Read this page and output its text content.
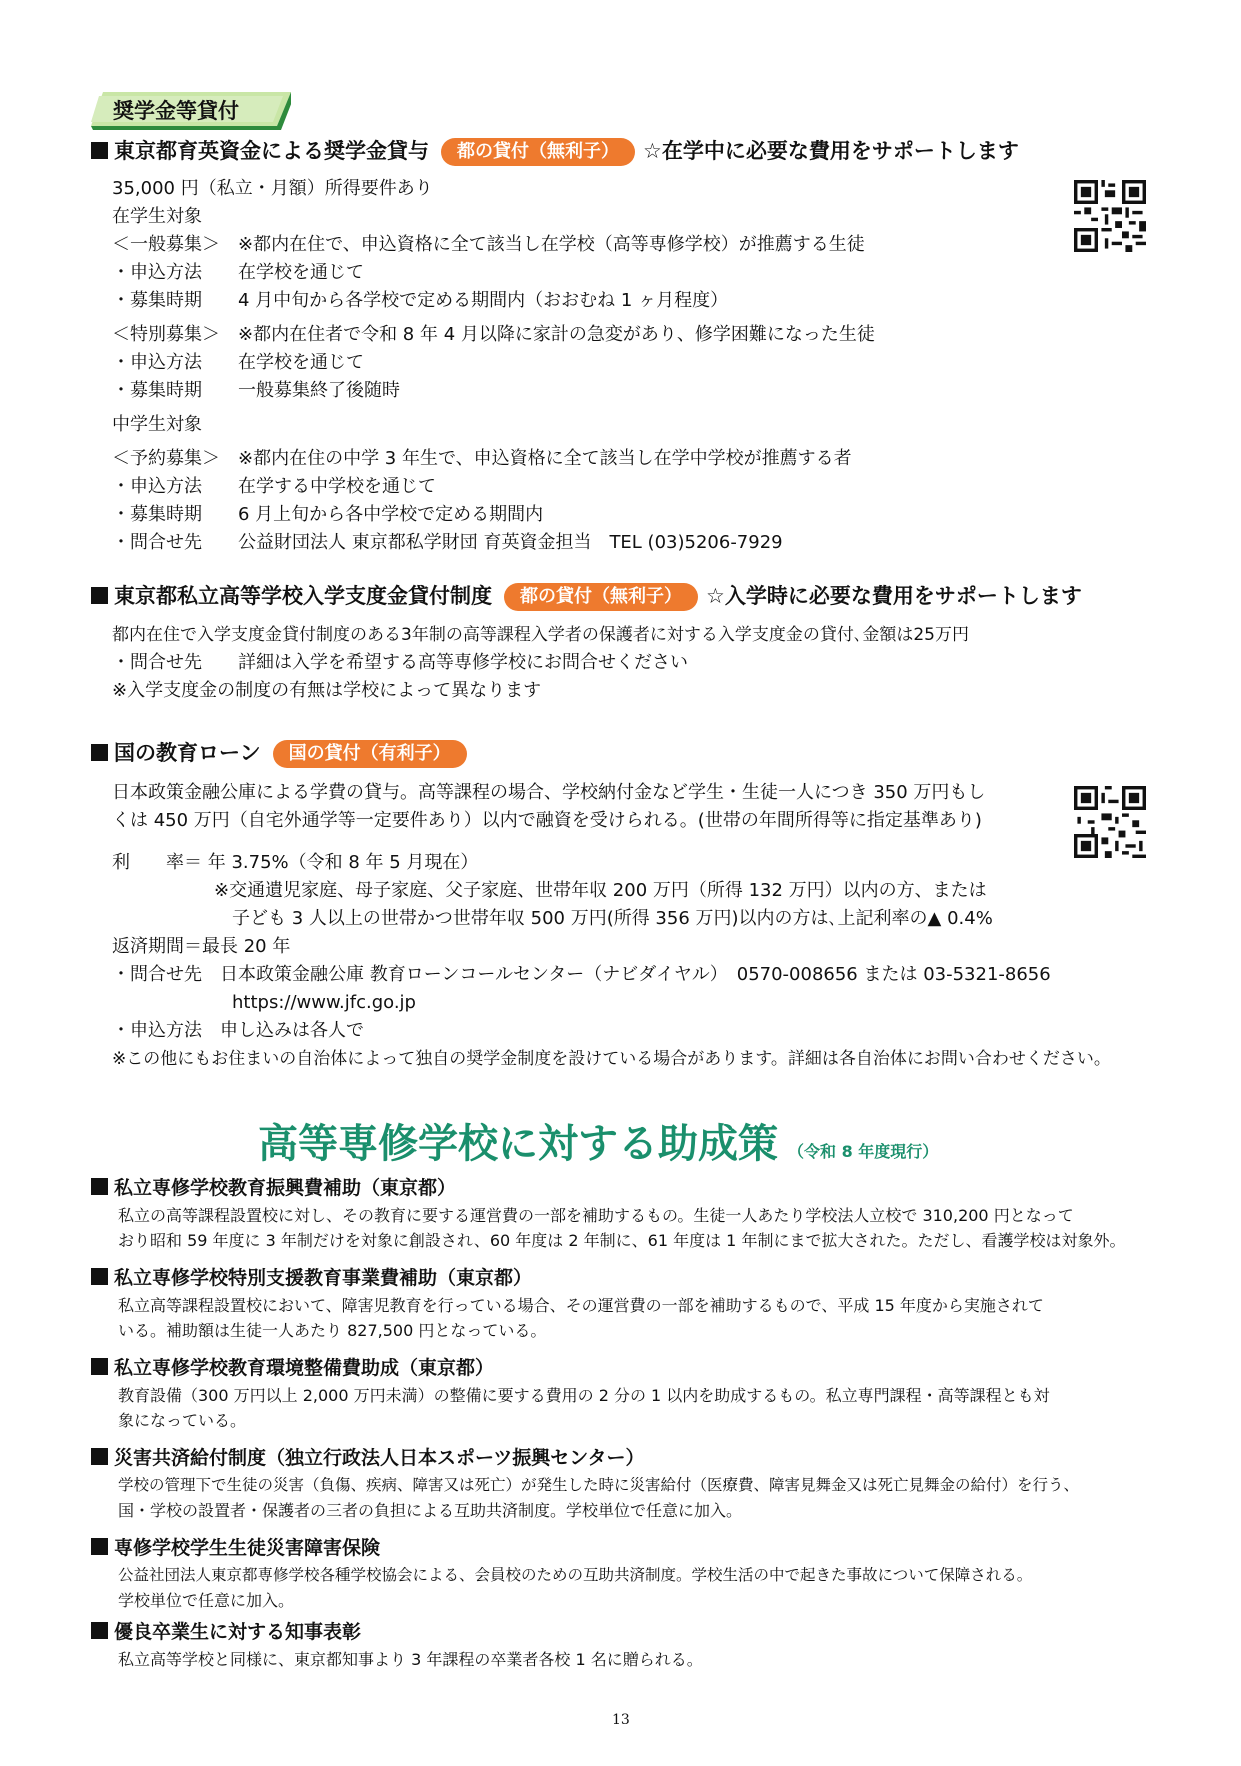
奨学金等貸付
東京都育英資金による奨学金貸与 都の貸付（無利子） ☆在学中に必要な費用をサポートします
35,000 円（私立・月額）所得要件あり
在学生対象
＜一般募集＞　※都内在住で、申込資格に全て該当し在学校（高等専修学校）が推薦する生徒
・申込方法　　在学校を通じて
・募集時期　　4 月中旬から各学校で定める期間内（おおむね 1 ヶ月程度）
＜特別募集＞　※都内在住者で令和 8 年 4 月以降に家計の急変があり、修学困難になった生徒
・申込方法　　在学校を通じて
・募集時期　　一般募集終了後随時
中学生対象
＜予約募集＞　※都内在住の中学 3 年生で、申込資格に全て該当し在学中学校が推薦する者
・申込方法　　在学する中学校を通じて
・募集時期　　6 月上旬から各中学校で定める期間内
・問合せ先　　公益財団法人 東京都私学財団 育英資金担当　TEL (03)5206-7929
東京都私立高等学校入学支度金貸付制度 都の貸付（無利子） ☆入学時に必要な費用をサポートします
都内在住で入学支度金貸付制度のある3年制の高等課程入学者の保護者に対する入学支度金の貸付､金額は25万円
・問合せ先　　詳細は入学を希望する高等専修学校にお問合せください
※入学支度金の制度の有無は学校によって異なります
国の教育ローン 国の貸付（有利子）
日本政策金融公庫による学費の貸与。高等課程の場合、学校納付金など学生・生徒一人につき 350 万円もし
くは 450 万円（自宅外通学等一定要件あり）以内で融資を受けられる。(世帯の年間所得等に指定基準あり)
利　　率＝ 年 3.75%（令和 8 年 5 月現在）
※交通遺児家庭、母子家庭、父子家庭、世帯年収 200 万円（所得 132 万円）以内の方、または
子ども 3 人以上の世帯かつ世帯年収 500 万円(所得 356 万円)以内の方は､上記利率の▲ 0.4%
返済期間＝最長 20 年
・問合せ先　日本政策金融公庫 教育ローンコールセンター（ナビダイヤル）　0570-008656 または 03-5321-8656
https://www.jfc.go.jp
・申込方法　申し込みは各人で
※この他にもお住まいの自治体によって独自の奨学金制度を設けている場合があります。詳細は各自治体にお問い合わせください。
高等専修学校に対する助成策 （令和 8 年度現行）
私立専修学校教育振興費補助（東京都）
私立の高等課程設置校に対し、その教育に要する運営費の一部を補助するもの。生徒一人あたり学校法人立校で 310,200 円となって
おり昭和 59 年度に 3 年制だけを対象に創設され、60 年度は 2 年制に、61 年度は 1 年制にまで拡大された。ただし、看護学校は対象外。
私立専修学校特別支援教育事業費補助（東京都）
私立高等課程設置校において、障害児教育を行っている場合、その運営費の一部を補助するもので、平成 15 年度から実施されて
いる。補助額は生徒一人あたり 827,500 円となっている。
私立専修学校教育環境整備費助成（東京都）
教育設備（300 万円以上 2,000 万円未満）の整備に要する費用の 2 分の 1 以内を助成するもの。私立専門課程・高等課程とも対
象になっている。
災害共済給付制度（独立行政法人日本スポーツ振興センター）
学校の管理下で生徒の災害（負傷、疾病、障害又は死亡）が発生した時に災害給付（医療費、障害見舞金又は死亡見舞金の給付）を行う、
国・学校の設置者・保護者の三者の負担による互助共済制度。学校単位で任意に加入。
専修学校学生生徒災害障害保険
公益社団法人東京都専修学校各種学校協会による、会員校のための互助共済制度。学校生活の中で起きた事故について保障される。
学校単位で任意に加入。
優良卒業生に対する知事表彰
私立高等学校と同様に、東京都知事より 3 年課程の卒業者各校 1 名に贈られる。
13
